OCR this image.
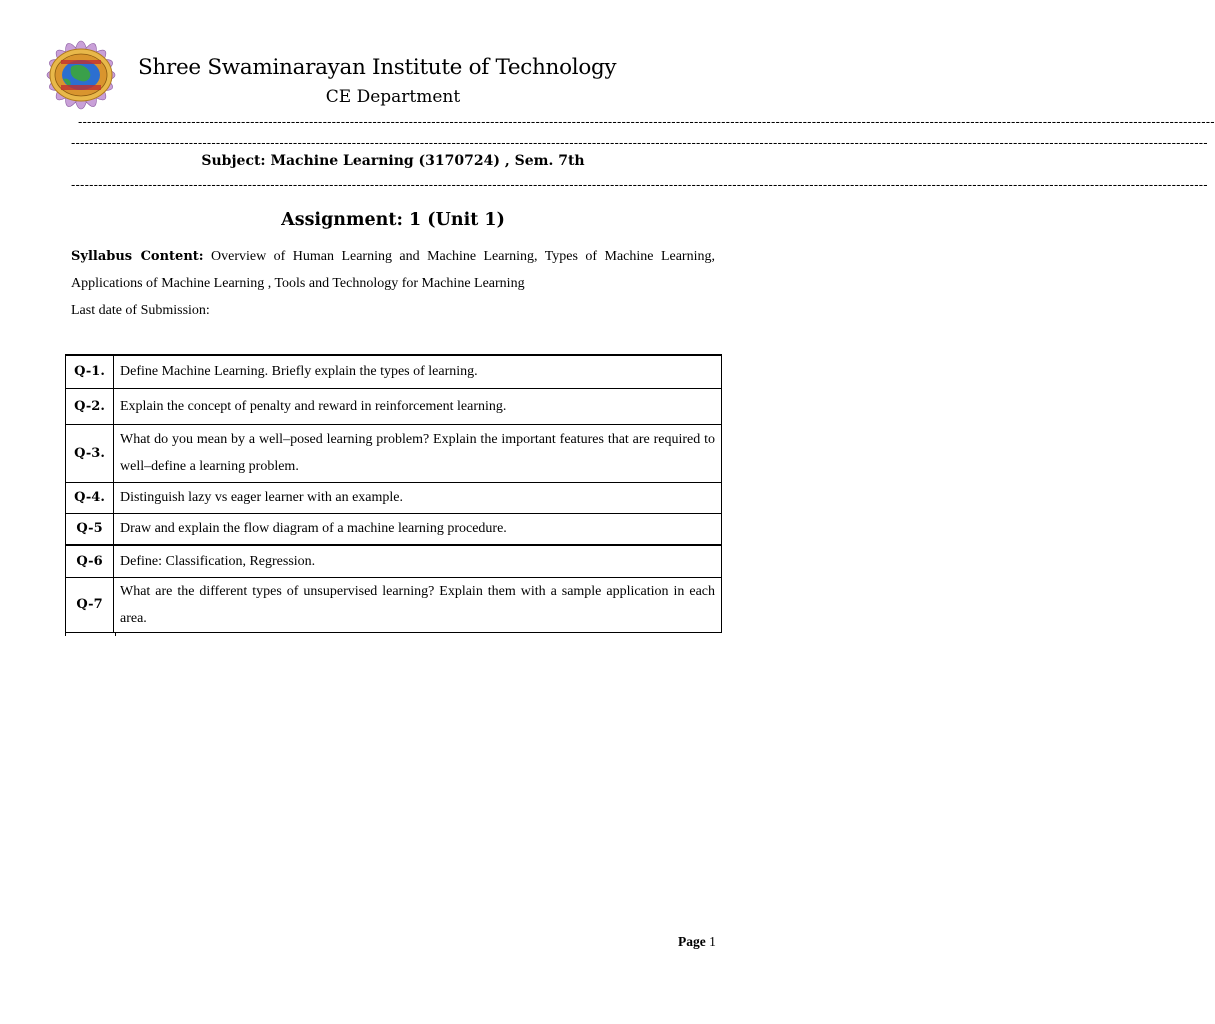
Shree Swaminarayan Institute of Technology
CE Department
-----------------------------------------------------------------------------------------------------------------------------------------------------------------------------------------------------------------------------------------------------------
-----------------------------------------------------------------------------------------------------------------------------------------------------------------------------------------------------------------------------------------------------------
Subject: Machine Learning (3170724) , Sem. 7th
-----------------------------------------------------------------------------------------------------------------------------------------------------------------------------------------------------------------------------------------------------------
Assignment: 1 (Unit 1)
Syllabus Content: Overview of Human Learning and Machine Learning, Types of Machine Learning, Applications of Machine Learning , Tools and Technology for Machine Learning
Last date of Submission:
Q-1.	Define Machine Learning. Briefly explain the types of learning.
Q-2.	Explain the concept of penalty and reward in reinforcement learning.
Q-3.	What do you mean by a well–posed learning problem? Explain the important features that are required to well–define a learning problem.
Q-4.	Distinguish lazy vs eager learner with an example.
Q-5	Draw and explain the flow diagram of a machine learning procedure.
Q-6	Define: Classification, Regression.
Q-7	What are the different types of unsupervised learning? Explain them with a sample application in each area.
Page 1
